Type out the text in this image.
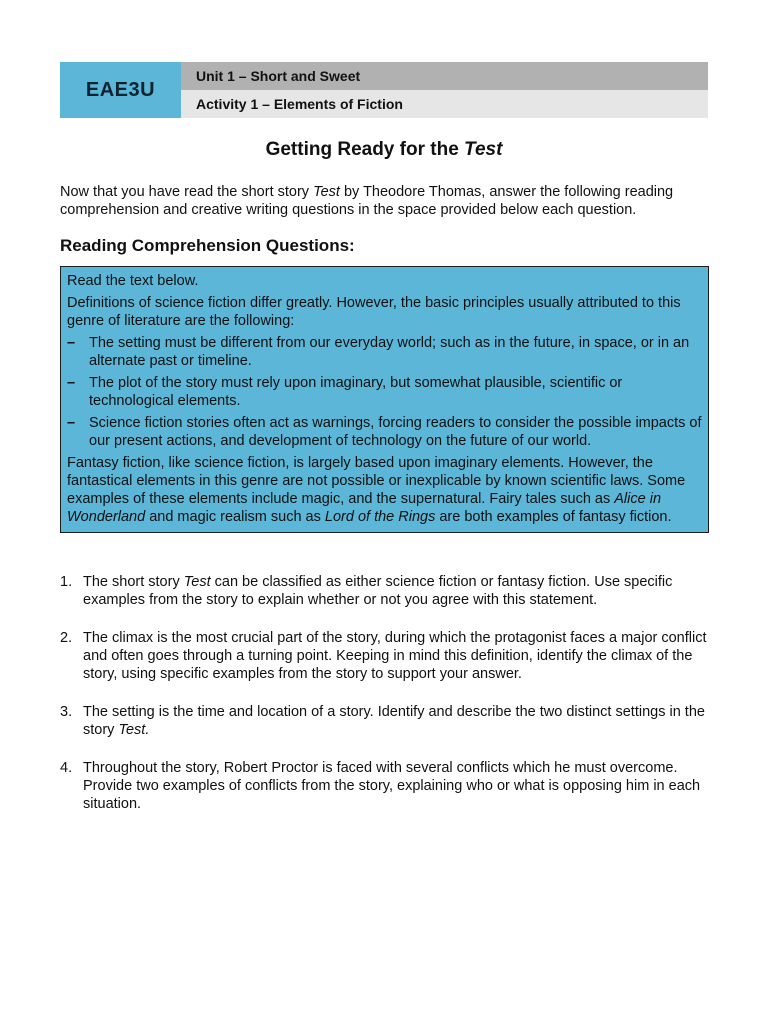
EAE3U
Unit 1 – Short and Sweet
Activity 1 – Elements of Fiction
Getting Ready for the Test
Now that you have read the short story Test by Theodore Thomas, answer the following reading comprehension and creative writing questions in the space provided below each question.
Reading Comprehension Questions:

Read the text below.

Definitions of science fiction differ greatly. However, the basic principles usually attributed to this genre of literature are the following:

– The setting must be different from our everyday world; such as in the future, in space, or in an alternate past or timeline.
– The plot of the story must rely upon imaginary, but somewhat plausible, scientific or technological elements.
– Science fiction stories often act as warnings, forcing readers to consider the possible impacts of our present actions, and development of technology on the future of our world.

Fantasy fiction, like science fiction, is largely based upon imaginary elements. However, the fantastical elements in this genre are not possible or inexplicable by known scientific laws. Some examples of these elements include magic, and the supernatural. Fairy tales such as Alice in Wonderland and magic realism such as Lord of the Rings are both examples of fantasy fiction.

1. The short story Test can be classified as either science fiction or fantasy fiction. Use specific examples from the story to explain whether or not you agree with this statement.
2. The climax is the most crucial part of the story, during which the protagonist faces a major conflict and often goes through a turning point. Keeping in mind this definition, identify the climax of the story, using specific examples from the story to support your answer.
3. The setting is the time and location of a story. Identify and describe the two distinct settings in the story Test.
4. Throughout the story, Robert Proctor is faced with several conflicts which he must overcome. Provide two examples of conflicts from the story, explaining who or what is opposing him in each situation.
